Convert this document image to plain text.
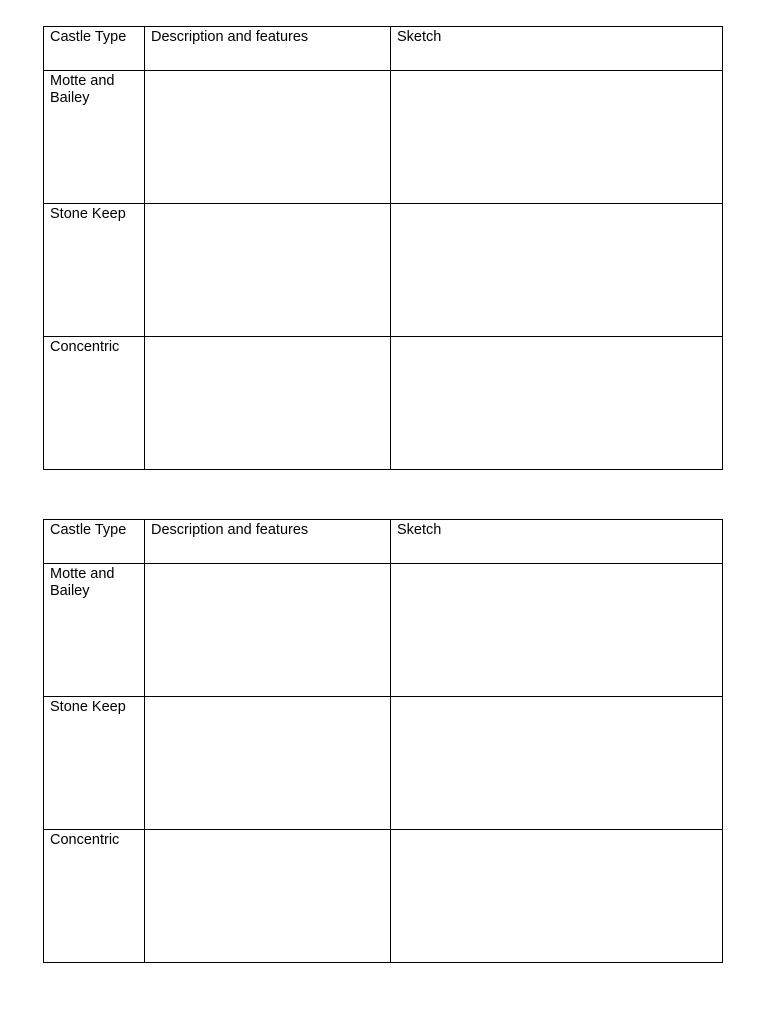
Castle Type	Description and features	Sketch

Motte and Bailey		

Stone Keep		

Concentric		

Castle Type	Description and features	Sketch

Motte and Bailey		

Stone Keep		

Concentric		
